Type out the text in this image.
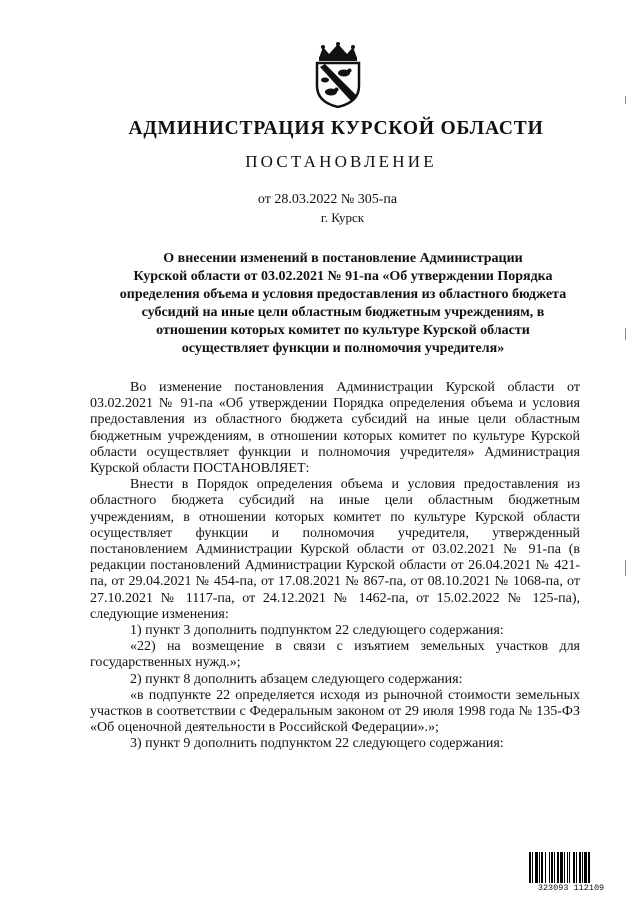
АДМИНИСТРАЦИЯ КУРСКОЙ ОБЛАСТИ
ПОСТАНОВЛЕНИЕ
от 28.03.2022 № 305-па
г. Курск
О внесении изменений в постановление Администрации
Курской области от 03.02.2021 № 91-па «Об утверждении Порядка
определения объема и условия предоставления из областного бюджета
субсидий на иные цели областным бюджетным учреждениям, в
отношении которых комитет по культуре Курской области
осуществляет функции и полномочия учредителя»

Во изменение постановления Администрации Курской области от 03.02.2021 № 91-па «Об утверждении Порядка определения объема и условия предоставления из областного бюджета субсидий на иные цели областным бюджетным учреждениям, в отношении которых комитет по культуре Курской области осуществляет функции и полномочия учредителя» Администрация Курской области ПОСТАНОВЛЯЕТ:

Внести в Порядок определения объема и условия предоставления из областного бюджета субсидий на иные цели областным бюджетным учреждениям, в отношении которых комитет по культуре Курской области осуществляет функции и полномочия учредителя, утвержденный постановлением Администрации Курской области от 03.02.2021 № 91-па (в редакции постановлений Администрации Курской области от 26.04.2021 № 421-па, от 29.04.2021 № 454-па, от 17.08.2021 № 867-па, от 08.10.2021 № 1068-па, от 27.10.2021 № 1117-па, от 24.12.2021 № 1462-па, от 15.02.2022 № 125-па), следующие изменения:

1) пункт 3 дополнить подпунктом 22 следующего содержания:

«22) на возмещение в связи с изъятием земельных участков для государственных нужд.»;

2) пункт 8 дополнить абзацем следующего содержания:

«в подпункте 22 определяется исходя из рыночной стоимости земельных участков в соответствии с Федеральным законом от 29 июля 1998 года № 135-ФЗ «Об оценочной деятельности в Российской Федерации».»;

3) пункт 9 дополнить подпунктом 22 следующего содержания:

323093 112109
